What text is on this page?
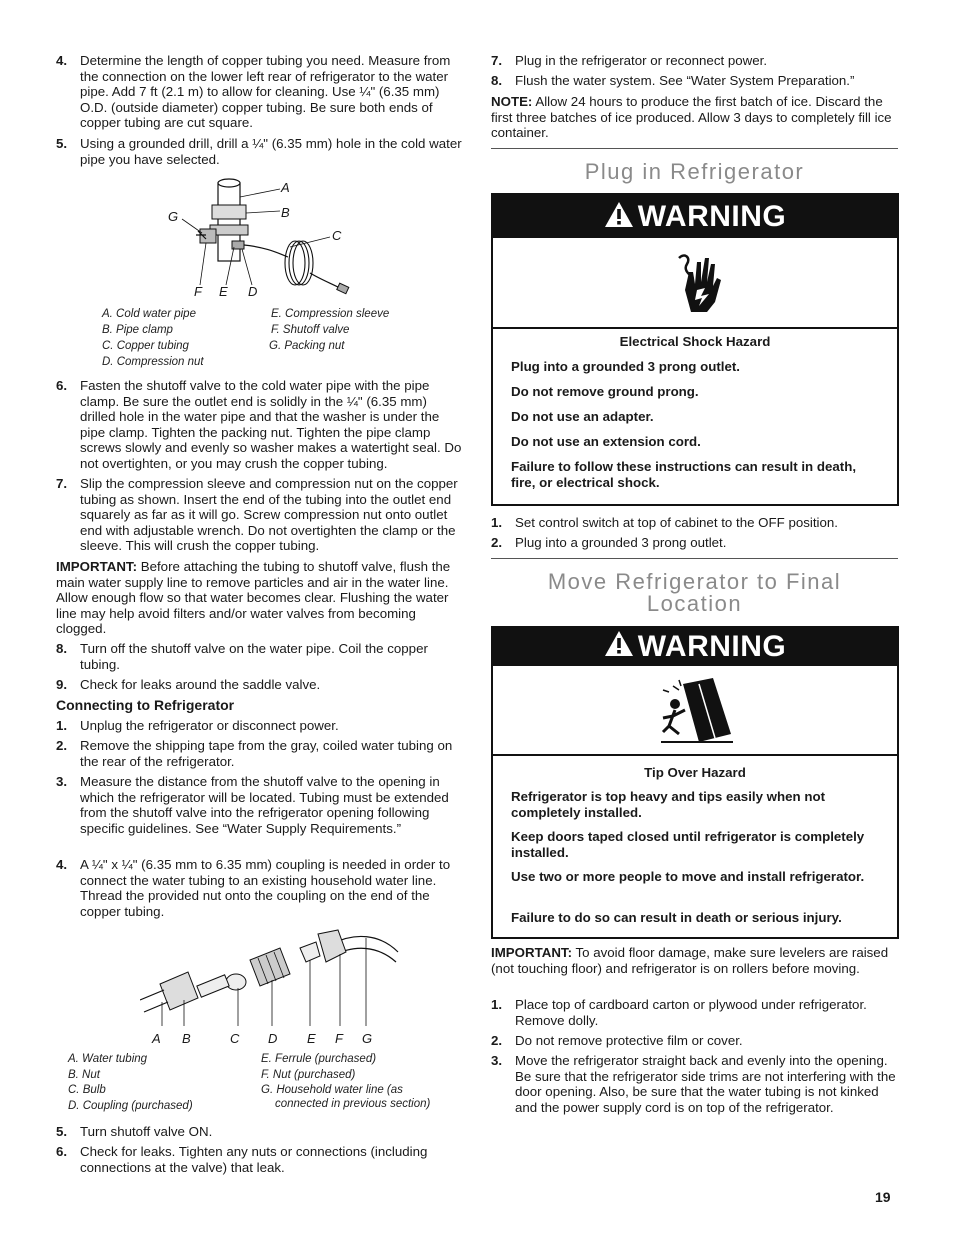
4. Determine the length of copper tubing you need. Measure from the connection on the lower left rear of refrigerator to the water pipe. Add 7 ft (2.1 m) to allow for cleaning. Use ¼" (6.35 mm) O.D. (outside diameter) copper tubing. Be sure both ends of copper tubing are cut square.
5. Using a grounded drill, drill a ¼" (6.35 mm) hole in the cold water pipe you have selected.
A
B
C
G
F E D
A. Cold water pipe
B. Pipe clamp
C. Copper tubing
D. Compression nut
E. Compression sleeve
F. Shutoff valve
G. Packing nut
6. Fasten the shutoff valve to the cold water pipe with the pipe clamp. Be sure the outlet end is solidly in the ¼" (6.35 mm) drilled hole in the water pipe and that the washer is under the pipe clamp. Tighten the packing nut. Tighten the pipe clamp screws slowly and evenly so washer makes a watertight seal. Do not overtighten, or you may crush the copper tubing.
7. Slip the compression sleeve and compression nut on the copper tubing as shown. Insert the end of the tubing into the outlet end squarely as far as it will go. Screw compression nut onto outlet end with adjustable wrench. Do not overtighten the clamp or the sleeve. This will crush the copper tubing.
IMPORTANT: Before attaching the tubing to shutoff valve, flush the main water supply line to remove particles and air in the water line. Allow enough flow so that water becomes clear. Flushing the water line may help avoid filters and/or water valves from becoming clogged.
8. Turn off the shutoff valve on the water pipe. Coil the copper tubing.
9. Check for leaks around the saddle valve.
Connecting to Refrigerator
1. Unplug the refrigerator or disconnect power.
2. Remove the shipping tape from the gray, coiled water tubing on the rear of the refrigerator.
3. Measure the distance from the shutoff valve to the opening in which the refrigerator will be located. Tubing must be extended from the shutoff valve into the refrigerator opening following specific guidelines. See “Water Supply Requirements.”
4. A ¼" x ¼" (6.35 mm to 6.35 mm) coupling is needed in order to connect the water tubing to an existing household water line. Thread the provided nut onto the coupling on the end of the copper tubing.
A B	C D E F G
A. Water tubing
B. Nut
C. Bulb
D. Coupling (purchased)
E. Ferrule (purchased)
F. Nut (purchased)
G. Household water line (as
connected in previous section)
5. Turn shutoff valve ON.
6. Check for leaks. Tighten any nuts or connections (including connections at the valve) that leak.
7. Plug in the refrigerator or reconnect power.
8. Flush the water system. See “Water System Preparation.”
NOTE: Allow 24 hours to produce the first batch of ice. Discard the first three batches of ice produced. Allow 3 days to completely fill ice container.
Plug in Refrigerator
WARNING
Electrical Shock Hazard
Plug into a grounded 3 prong outlet.
Do not remove ground prong.
Do not use an adapter.
Do not use an extension cord.
Failure to follow these instructions can result in death, fire, or electrical shock.
1. Set control switch at top of cabinet to the OFF position.
2. Plug into a grounded 3 prong outlet.
Move Refrigerator to Final
Location
WARNING
Tip Over Hazard
Refrigerator is top heavy and tips easily when not completely installed.
Keep doors taped closed until refrigerator is completely installed.
Use two or more people to move and install refrigerator.
Failure to do so can result in death or serious injury.
IMPORTANT: To avoid floor damage, make sure levelers are raised (not touching floor) and refrigerator is on rollers before moving.
1. Place top of cardboard carton or plywood under refrigerator. Remove dolly.
2. Do not remove protective film or cover.
3. Move the refrigerator straight back and evenly into the opening. Be sure that the refrigerator side trims are not interfering with the door opening. Also, be sure that the water tubing is not kinked and the power supply cord is on top of the refrigerator.
19
